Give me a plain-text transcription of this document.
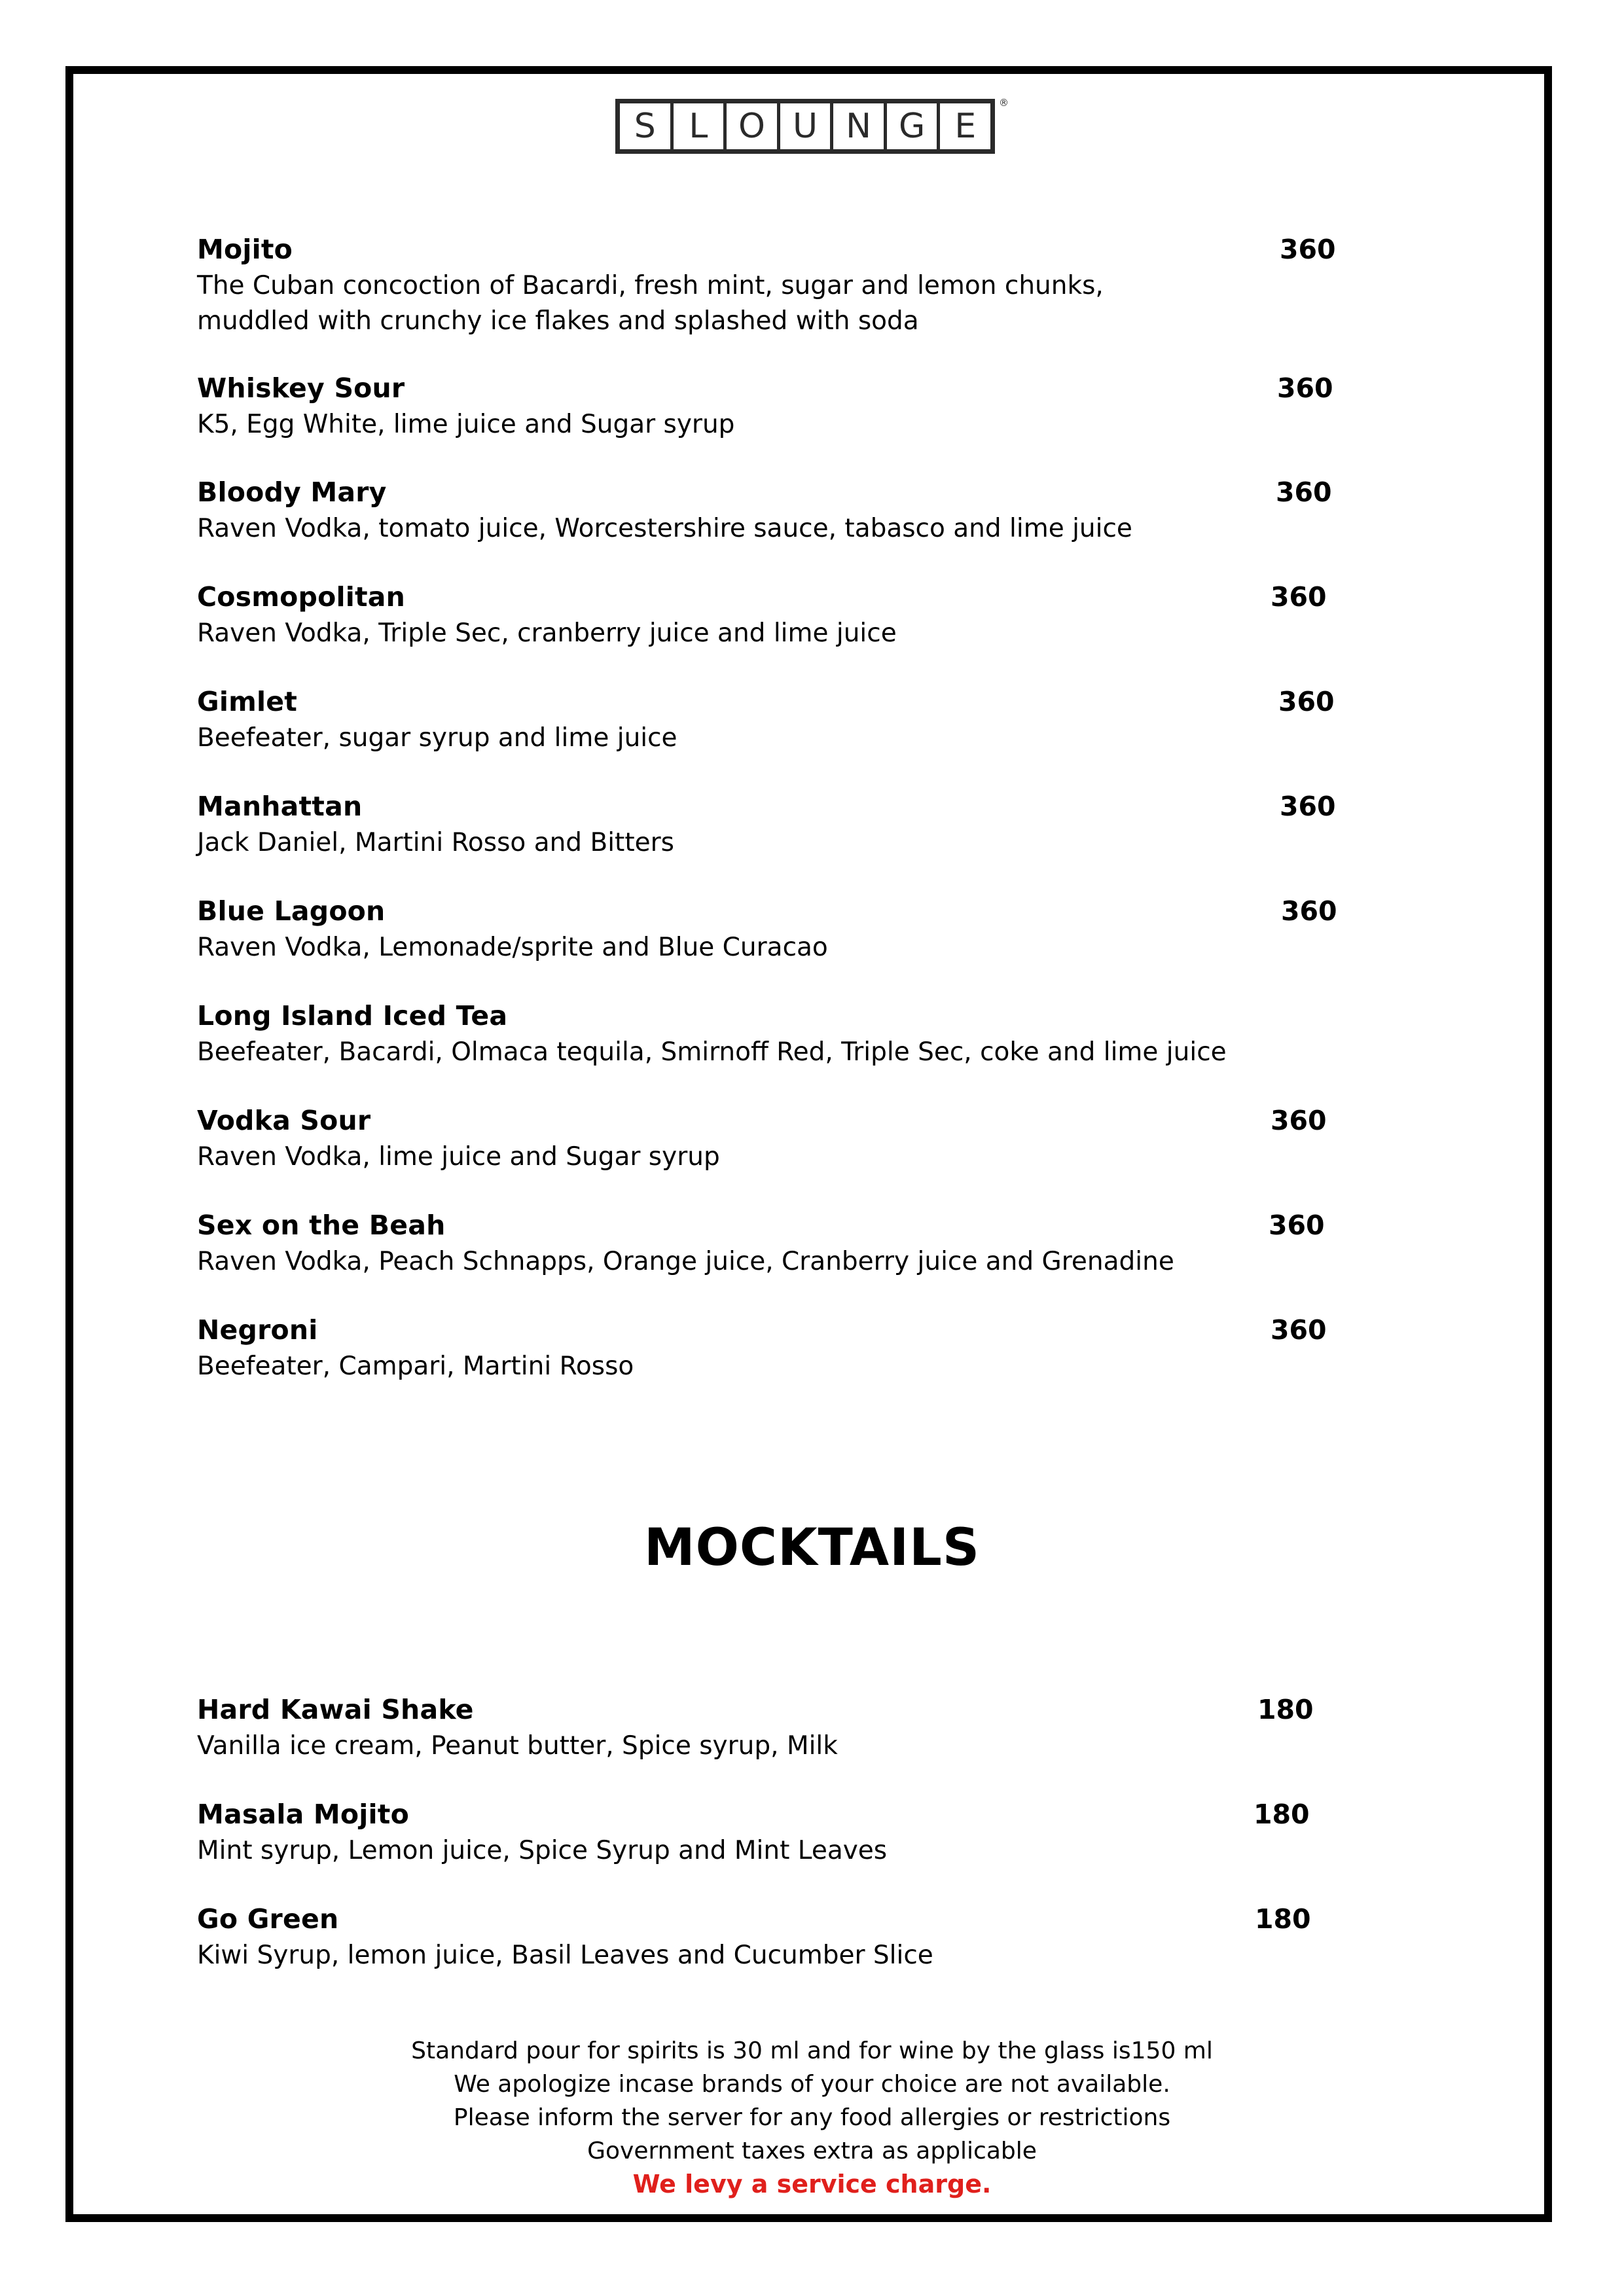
S L O U N G E
®
Mojito	360
The Cuban concoction of Bacardi, fresh mint, sugar and lemon chunks,
muddled with crunchy ice flakes and splashed with soda
Whiskey Sour	360
K5, Egg White, lime juice and Sugar syrup
Bloody Mary	360
Raven Vodka, tomato juice, Worcestershire sauce, tabasco and lime juice
Cosmopolitan	360
Raven Vodka, Triple Sec, cranberry juice and lime juice
Gimlet	360
Beefeater, sugar syrup and lime juice
Manhattan	360
Jack Daniel, Martini Rosso and Bitters
Blue Lagoon	360
Raven Vodka, Lemonade/sprite and Blue Curacao
Long Island Iced Tea
Beefeater, Bacardi, Olmaca tequila, Smirnoff Red, Triple Sec, coke and lime juice
Vodka Sour	360
Raven Vodka, lime juice and Sugar syrup
Sex on the Beah	360
Raven Vodka, Peach Schnapps, Orange juice, Cranberry juice and Grenadine
Negroni	360
Beefeater, Campari, Martini Rosso
MOCKTAILS
Hard Kawai Shake	180
Vanilla ice cream, Peanut butter, Spice syrup, Milk
Masala Mojito	180
Mint syrup, Lemon juice, Spice Syrup and Mint Leaves
Go Green	180
Kiwi Syrup, lemon juice, Basil Leaves and Cucumber Slice
Standard pour for spirits is 30 ml and for wine by the glass is150 ml
We apologize incase brands of your choice are not available.
Please inform the server for any food allergies or restrictions
Government taxes extra as applicable
We levy a service charge.
